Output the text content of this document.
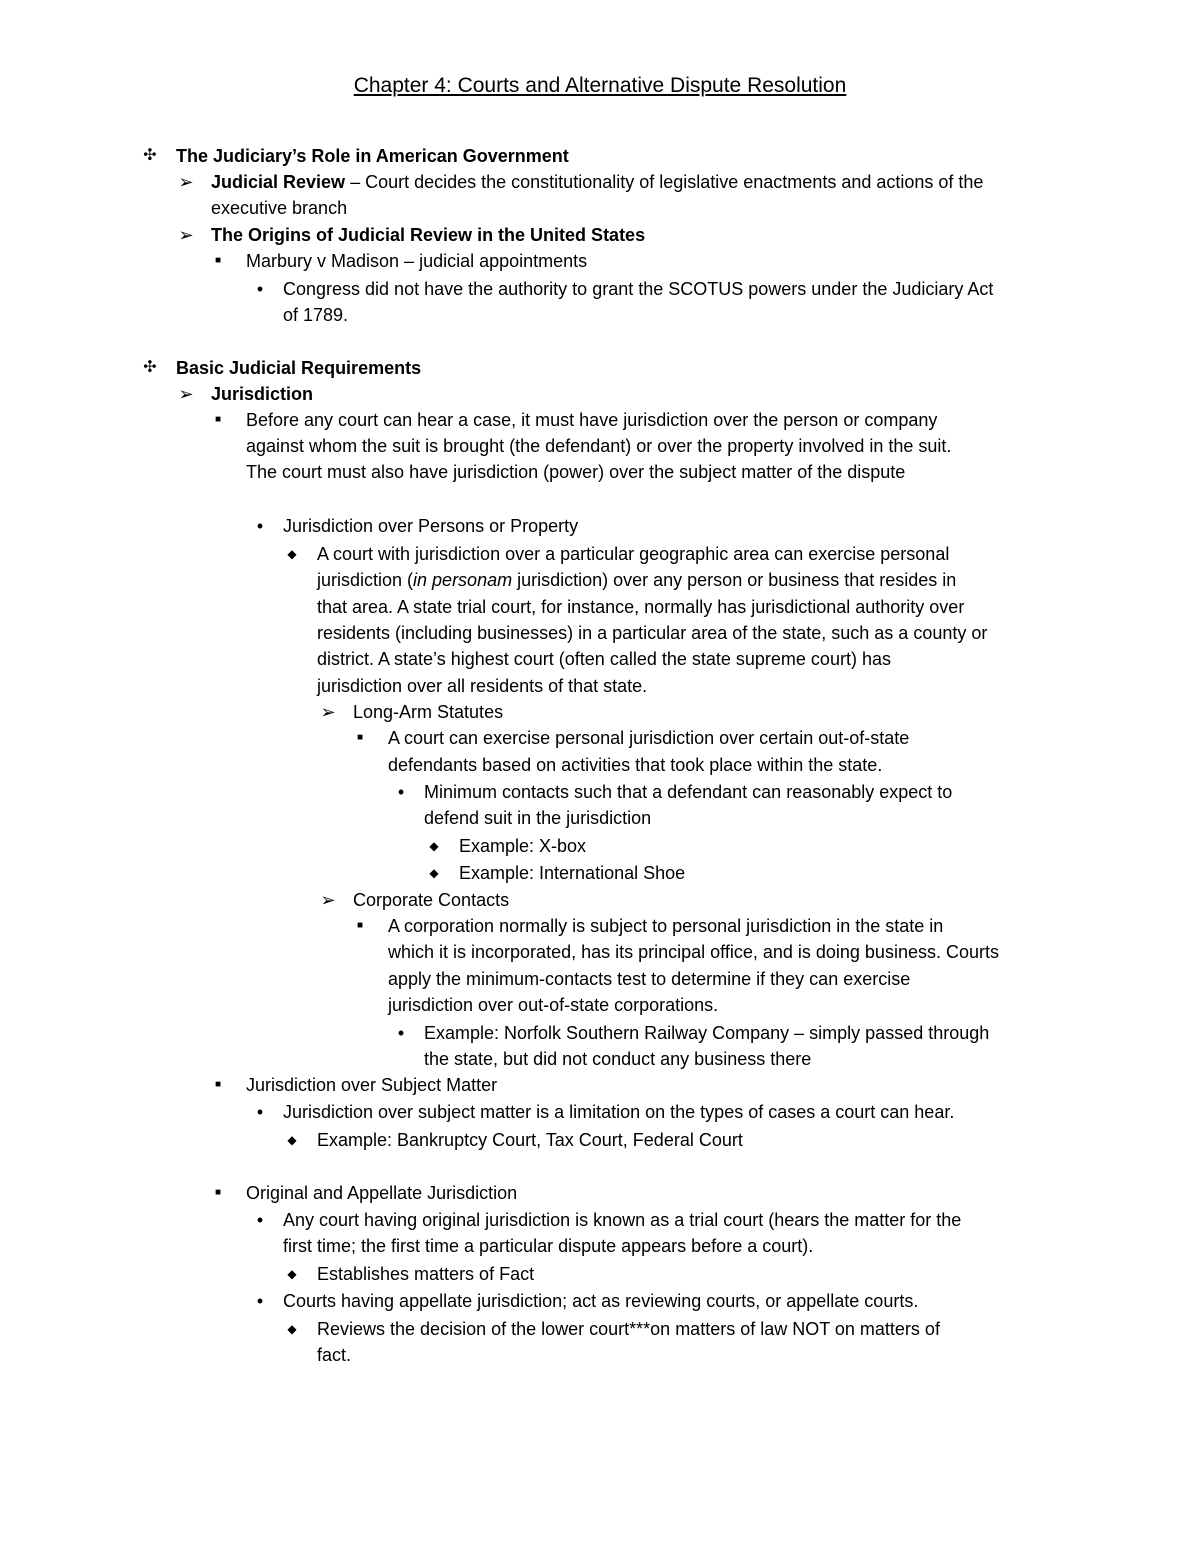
Chapter 4: Courts and Alternative Dispute Resolution
✣ The Judiciary’s Role in American Government
➢ Judicial Review – Court decides the constitutionality of legislative enactments and actions of the
executive branch
➢ The Origins of Judicial Review in the United States
■	Marbury v Madison – judicial appointments
•	Congress did not have the authority to grant the SCOTUS powers under the Judiciary Act
of 1789.
✣ Basic Judicial Requirements
➢ Jurisdiction
■	Before any court can hear a case, it must have jurisdiction over the person or company
against whom the suit is brought (the defendant) or over the property involved in the suit.
The court must also have jurisdiction (power) over the subject matter of the dispute
•	Jurisdiction over Persons or Property
◆ A court with jurisdiction over a particular geographic area can exercise personal
jurisdiction (in personam jurisdiction) over any person or business that resides in
that area. A state trial court, for instance, normally has jurisdictional authority over
residents (including businesses) in a particular area of the state, such as a county or
district. A state’s highest court (often called the state supreme court) has
jurisdiction over all residents of that state.
➢ Long-Arm Statutes
■	A court can exercise personal jurisdiction over certain out-of-state
defendants based on activities that took place within the state.
•	Minimum contacts such that a defendant can reasonably expect to
defend suit in the jurisdiction
◆ Example: X-box
◆ Example: International Shoe
➢ Corporate Contacts
■	A corporation normally is subject to personal jurisdiction in the state in
which it is incorporated, has its principal office, and is doing business. Courts
apply the minimum-contacts test to determine if they can exercise
jurisdiction over out-of-state corporations.
•	Example: Norfolk Southern Railway Company – simply passed through
the state, but did not conduct any business there
■	Jurisdiction over Subject Matter
•	Jurisdiction over subject matter is a limitation on the types of cases a court can hear.
◆ Example: Bankruptcy Court, Tax Court, Federal Court
■	Original and Appellate Jurisdiction
•	Any court having original jurisdiction is known as a trial court (hears the matter for the
first time; the first time a particular dispute appears before a court).
◆ Establishes matters of Fact
•	Courts having appellate jurisdiction; act as reviewing courts, or appellate courts.
◆ Reviews the decision of the lower court***on matters of law NOT on matters of
fact.
